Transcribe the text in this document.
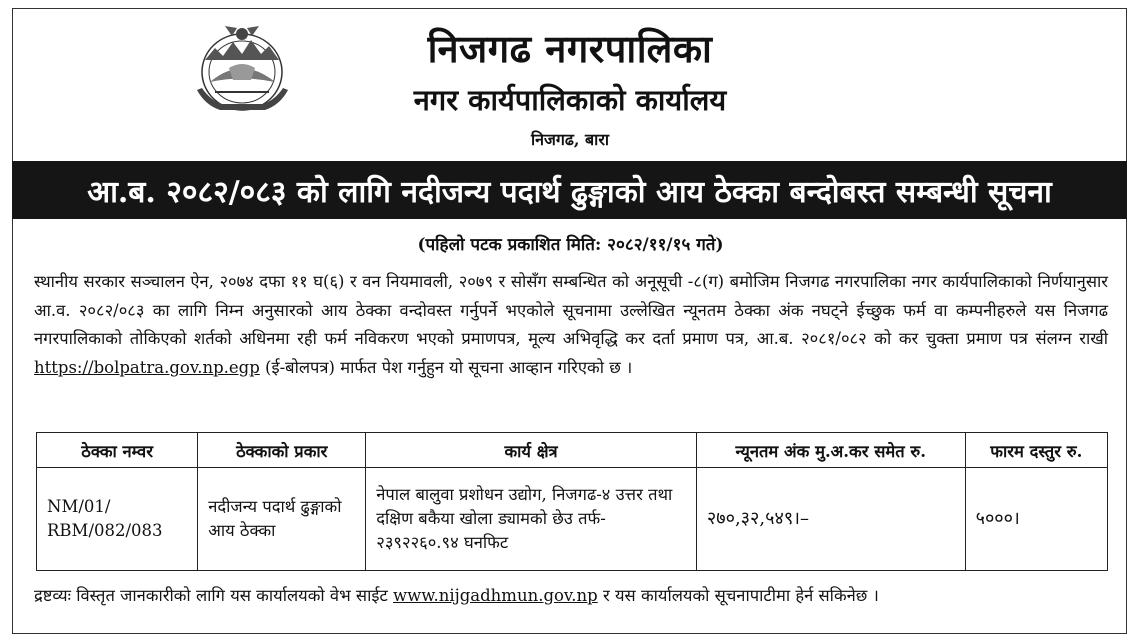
निजगढ नगरपालिका
नगर कार्यपालिकाको कार्यालय
निजगढ, बारा
आ.ब. २०८२/०८३ को लागि नदीजन्य पदार्थ ढुङ्गाको आय ठेक्का बन्दोबस्त सम्बन्धी सूचना
(पहिलो पटक प्रकाशित मिति: २०८२/११/१५ गते)
स्थानीय सरकार सञ्चालन ऐन, २०७४ दफा ११ घ(६) र वन नियमावली, २०७९ र सोसँग सम्बन्धित को अनूसूची -८(ग) बमोजिम निजगढ नगरपालिका नगर कार्यपालिकाको निर्णयानुसार आ.व. २०८२/०८३ का लागि निम्न अनुसारको आय ठेक्का वन्दोवस्त गर्नुपर्ने भएकोले सूचनामा उल्लेखित न्यूनतम ठेक्का अंक नघट्ने ईच्छुक फर्म वा कम्पनीहरुले यस निजगढ नगरपालिकाको तोकिएको शर्तको अधिनमा रही फर्म नविकरण भएको प्रमाणपत्र, मूल्य अभिवृद्धि कर दर्ता प्रमाण पत्र, आ.ब. २०८१/०८२ को कर चुक्ता प्रमाण पत्र संलग्न राखी https://bolpatra.gov.np.egp (ई-बोलपत्र) मार्फत पेश गर्नुहुन यो सूचना आव्हान गरिएको छ ।
ठेक्का नम्वर	ठेक्काको प्रकार	कार्य क्षेत्र	न्यूनतम अंक मु.अ.कर समेत रु.	फारम दस्तुर रु.
NM/01/ RBM/082/083	नदीजन्य पदार्थ ढुङ्गाको आय ठेक्का	नेपाल बालुवा प्रशोधन उद्योग, निजगढ-४ उत्तर तथा दक्षिण बकैया खोला ड्यामको छेउ तर्फ- २३९२२६०.९४ घनफिट	२७०,३२,५४९।–	५०००।
द्रष्टव्यः विस्तृत जानकारीको लागि यस कार्यालयको वेभ साईट www.nijgadhmun.gov.np र यस कार्यालयको सूचनापाटीमा हेर्न सकिनेछ ।
